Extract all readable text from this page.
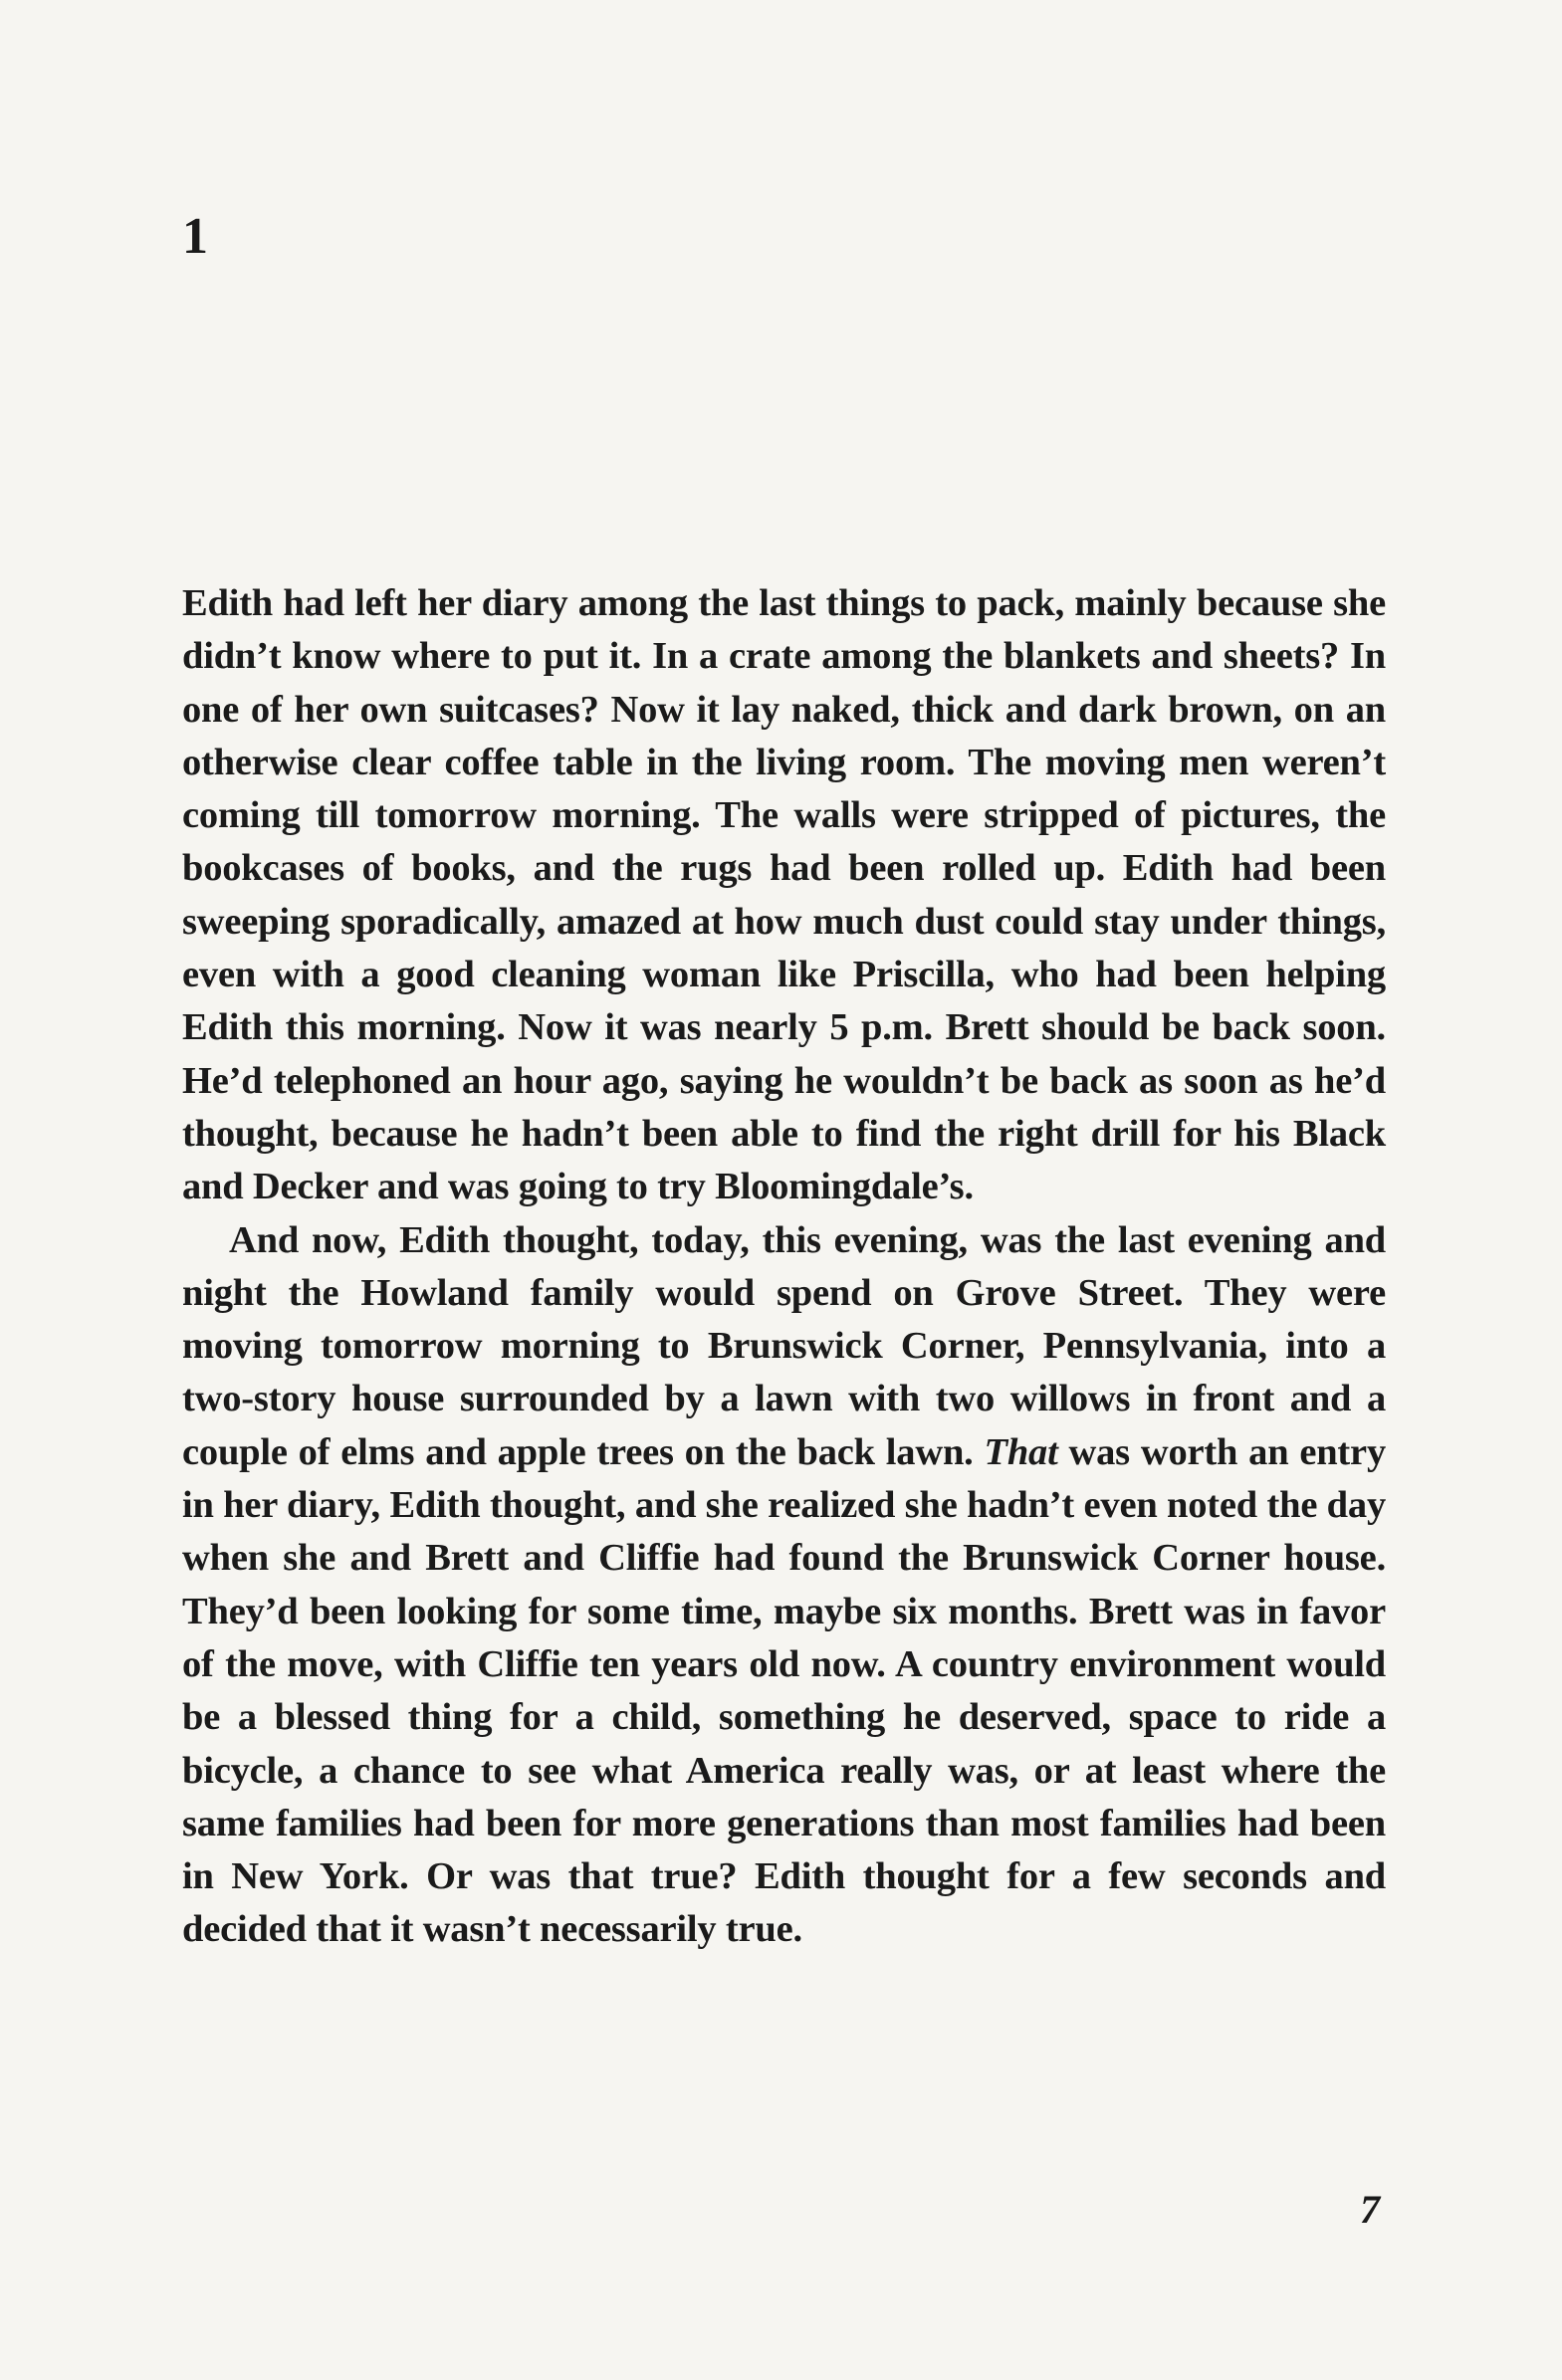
1

Edith had left her diary among the last things to pack, mainly because she didn’t know where to put it. In a crate among the blankets and sheets? In one of her own suitcases? Now it lay naked, thick and dark brown, on an otherwise clear coffee table in the living room. The moving men weren’t coming till tomorrow morning. The walls were stripped of pictures, the bookcases of books, and the rugs had been rolled up. Edith had been sweeping sporadically, amazed at how much dust could stay under things, even with a good cleaning woman like Priscilla, who had been helping Edith this morning. Now it was nearly 5 p.m. Brett should be back soon. He’d telephoned an hour ago, saying he wouldn’t be back as soon as he’d thought, because he hadn’t been able to find the right drill for his Black and Decker and was going to try Bloomingdale’s.

And now, Edith thought, today, this evening, was the last evening and night the Howland family would spend on Grove Street. They were moving tomorrow morning to Brunswick Corner, Pennsylvania, into a two-story house surrounded by a lawn with two willows in front and a couple of elms and apple trees on the back lawn. That was worth an entry in her diary, Edith thought, and she realized she hadn’t even noted the day when she and Brett and Cliffie had found the Brunswick Corner house. They’d been looking for some time, maybe six months. Brett was in favor of the move, with Cliffie ten years old now. A country environment would be a blessed thing for a child, something he deserved, space to ride a bicycle, a chance to see what America really was, or at least where the same families had been for more generations than most families had been in New York. Or was that true? Edith thought for a few seconds and decided that it wasn’t necessarily true.

7
